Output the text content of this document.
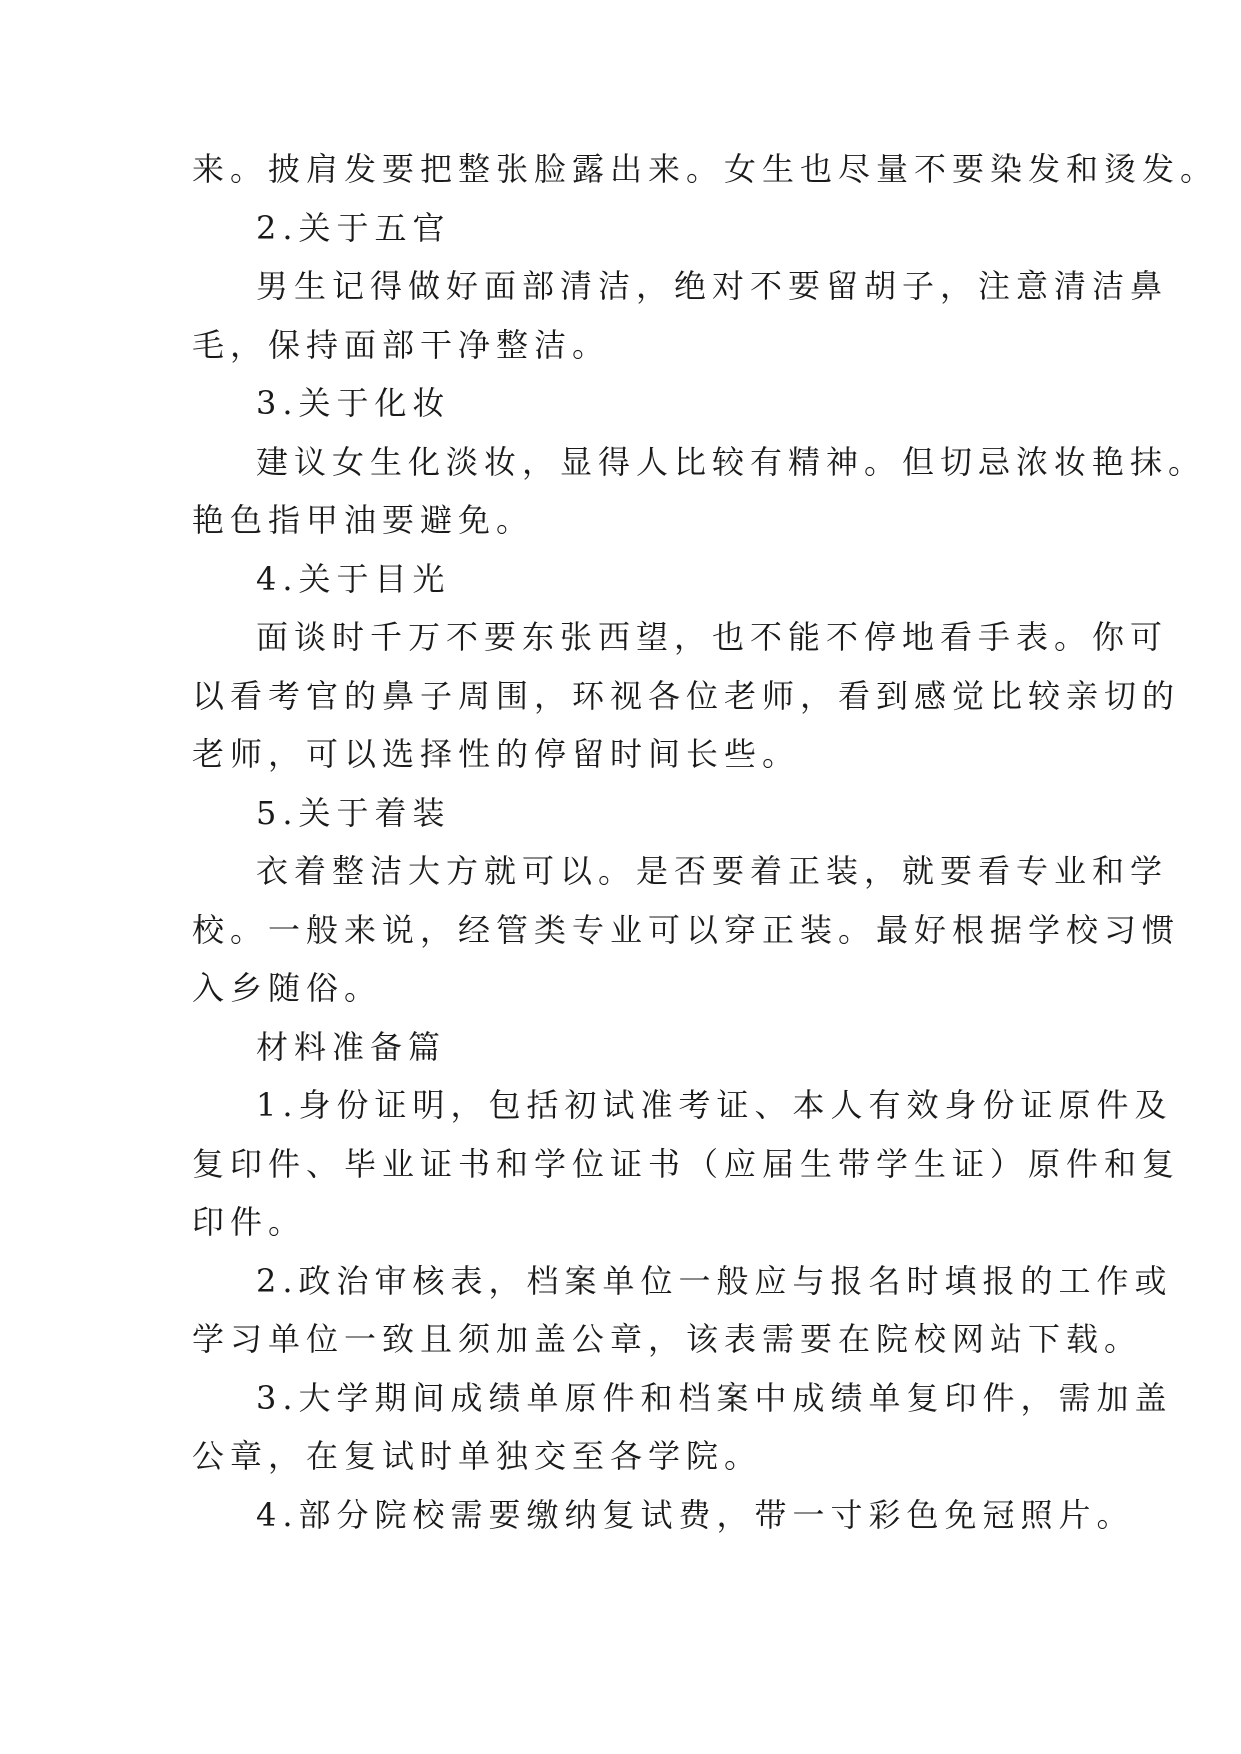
来。披肩发要把整张脸露出来。女生也尽量不要染发和烫发。
2.关于五官
男生记得做好面部清洁，绝对不要留胡子，注意清洁鼻
毛，保持面部干净整洁。
3.关于化妆
建议女生化淡妆，显得人比较有精神。但切忌浓妆艳抹。
艳色指甲油要避免。
4.关于目光
面谈时千万不要东张西望，也不能不停地看手表。你可
以看考官的鼻子周围，环视各位老师，看到感觉比较亲切的
老师，可以选择性的停留时间长些。
5.关于着装
衣着整洁大方就可以。是否要着正装，就要看专业和学
校。一般来说，经管类专业可以穿正装。最好根据学校习惯
入乡随俗。
材料准备篇
1.身份证明，包括初试准考证、本人有效身份证原件及
复印件、毕业证书和学位证书（应届生带学生证）原件和复
印件。
2.政治审核表，档案单位一般应与报名时填报的工作或
学习单位一致且须加盖公章，该表需要在院校网站下载。
3.大学期间成绩单原件和档案中成绩单复印件，需加盖
公章，在复试时单独交至各学院。
4.部分院校需要缴纳复试费，带一寸彩色免冠照片。
